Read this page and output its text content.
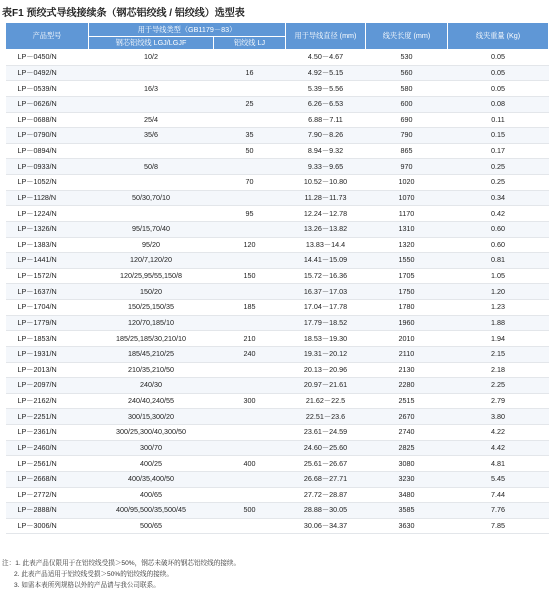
表F1 预绞式导线接续条（钢芯铝绞线 / 铝绞线）选型表
产品型号	用于导线类型（GB1179－83）		用于导线直径 (mm)	线夹长度 (mm)	线夹重量 (Kg)
	钢芯铝绞线 LGJ/LGJF	铝绞线 LJ			
LP－0450/N	10/2		4.50－4.67	530	0.05
LP－0492/N		16	4.92－5.15	560	0.05
LP－0539/N	16/3		5.39－5.56	580	0.05
LP－0626/N		25	6.26－6.53	600	0.08
LP－0688/N	25/4		6.88－7.11	690	0.11
LP－0790/N	35/6	35	7.90－8.26	790	0.15
LP－0894/N		50	8.94－9.32	865	0.17
LP－0933/N	50/8		9.33－9.65	970	0.25
LP－1052/N		70	10.52－10.80	1020	0.25
LP－1128/N	50/30,70/10		11.28－11.73	1070	0.34
LP－1224/N		95	12.24－12.78	1170	0.42
LP－1326/N	95/15,70/40		13.26－13.82	1310	0.60
LP－1383/N	95/20	120	13.83－14.4	1320	0.60
LP－1441/N	120/7,120/20		14.41－15.09	1550	0.81
LP－1572/N	120/25,95/55,150/8	150	15.72－16.36	1705	1.05
LP－1637/N	150/20		16.37－17.03	1750	1.20
LP－1704/N	150/25,150/35	185	17.04－17.78	1780	1.23
LP－1779/N	120/70,185/10		17.79－18.52	1960	1.88
LP－1853/N	185/25,185/30,210/10	210	18.53－19.30	2010	1.94
LP－1931/N	185/45,210/25	240	19.31－20.12	2110	2.15
LP－2013/N	210/35,210/50		20.13－20.96	2130	2.18
LP－2097/N	240/30		20.97－21.61	2280	2.25
LP－2162/N	240/40,240/55	300	21.62－22.5	2515	2.79
LP－2251/N	300/15,300/20		22.51－23.6	2670	3.80
LP－2361/N	300/25,300/40,300/50		23.61－24.59	2740	4.22
LP－2460/N	300/70		24.60－25.60	2825	4.42
LP－2561/N	400/25	400	25.61－26.67	3080	4.81
LP－2668/N	400/35,400/50		26.68－27.71	3230	5.45
LP－2772/N	400/65		27.72－28.87	3480	7.44
LP－2888/N	400/95,500/35,500/45	500	28.88－30.05	3585	7.76
LP－3006/N	500/65		30.06－34.37	3630	7.85
注：1. 此表产品仅限用于在铝绞线受损＞50%，钢芯未破坏的钢芯铝绞线的接续。
2. 此表产品适用于铝绞线受损＞50%的铝绞线的接续。
3. 如需本表所列规格以外的产品请与我公司联系。
